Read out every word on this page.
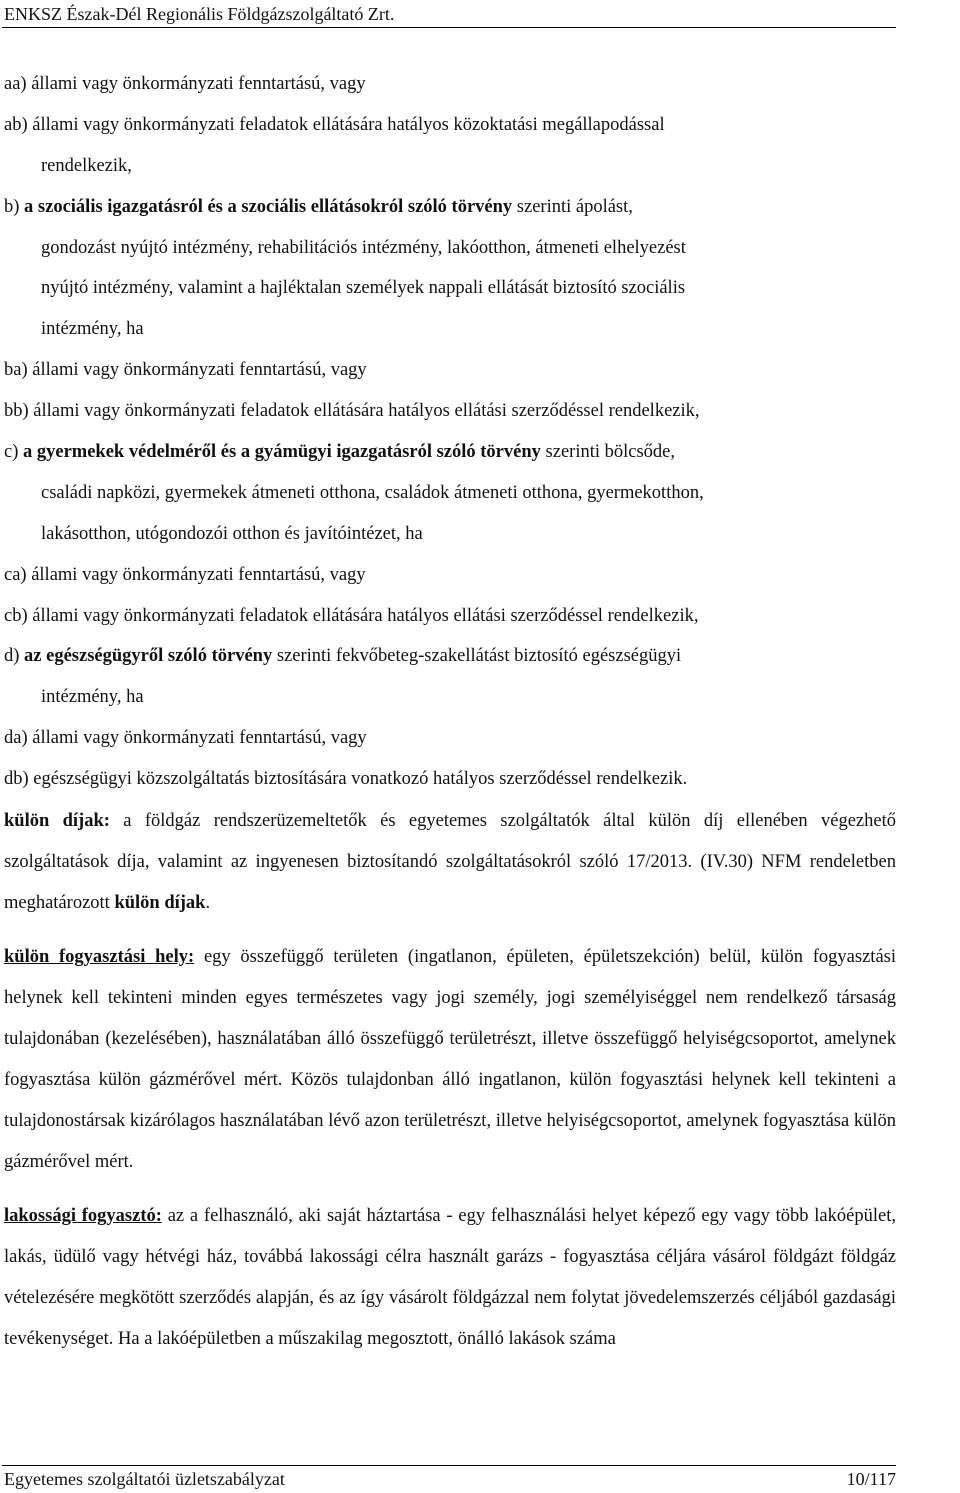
ENKSZ Észak-Dél Regionális Földgázszolgáltató Zrt.
aa) állami vagy önkormányzati fenntartású, vagy
ab) állami vagy önkormányzati feladatok ellátására hatályos közoktatási megállapodással
rendelkezik,
b) a szociális igazgatásról és a szociális ellátásokról szóló törvény szerinti ápolást,
gondozást nyújtó intézmény, rehabilitációs intézmény, lakóotthon, átmeneti elhelyezést
nyújtó intézmény, valamint a hajléktalan személyek nappali ellátását biztosító szociális
intézmény, ha
ba) állami vagy önkormányzati fenntartású, vagy
bb) állami vagy önkormányzati feladatok ellátására hatályos ellátási szerződéssel rendelkezik,
c) a gyermekek védelméről és a gyámügyi igazgatásról szóló törvény szerinti bölcsőde,
családi napközi, gyermekek átmeneti otthona, családok átmeneti otthona, gyermekotthon,
lakásotthon, utógondozói otthon és javítóintézet, ha
ca) állami vagy önkormányzati fenntartású, vagy
cb) állami vagy önkormányzati feladatok ellátására hatályos ellátási szerződéssel rendelkezik,
d) az egészségügyről szóló törvény szerinti fekvőbeteg-szakellátást biztosító egészségügyi
intézmény, ha
da) állami vagy önkormányzati fenntartású, vagy
db) egészségügyi közszolgáltatás biztosítására vonatkozó hatályos szerződéssel rendelkezik.
külön díjak: a földgáz rendszerüzemeltetők és egyetemes szolgáltatók által külön díj ellenében végezhető szolgáltatások díja, valamint az ingyenesen biztosítandó szolgáltatásokról szóló 17/2013. (IV.30) NFM rendeletben meghatározott külön díjak.
külön fogyasztási hely: egy összefüggő területen (ingatlanon, épületen, épületszekción) belül, külön fogyasztási helynek kell tekinteni minden egyes természetes vagy jogi személy, jogi személyiséggel nem rendelkező társaság tulajdonában (kezelésében), használatában álló összefüggő területrészt, illetve összefüggő helyiségcsoportot, amelynek fogyasztása külön gázmérővel mért. Közös tulajdonban álló ingatlanon, külön fogyasztási helynek kell tekinteni a tulajdonostársak kizárólagos használatában lévő azon területrészt, illetve helyiségcsoportot, amelynek fogyasztása külön gázmérővel mért.
lakossági fogyasztó: az a felhasználó, aki saját háztartása - egy felhasználási helyet képező egy vagy több lakóépület, lakás, üdülő vagy hétvégi ház, továbbá lakossági célra használt garázs - fogyasztása céljára vásárol földgázt földgáz vételezésére megkötött szerződés alapján, és az így vásárolt földgázzal nem folytat jövedelemszerzés céljából gazdasági tevékenységet. Ha a lakóépületben a műszakilag megosztott, önálló lakások száma
Egyetemes szolgáltatói üzletszabályzat	10/117
